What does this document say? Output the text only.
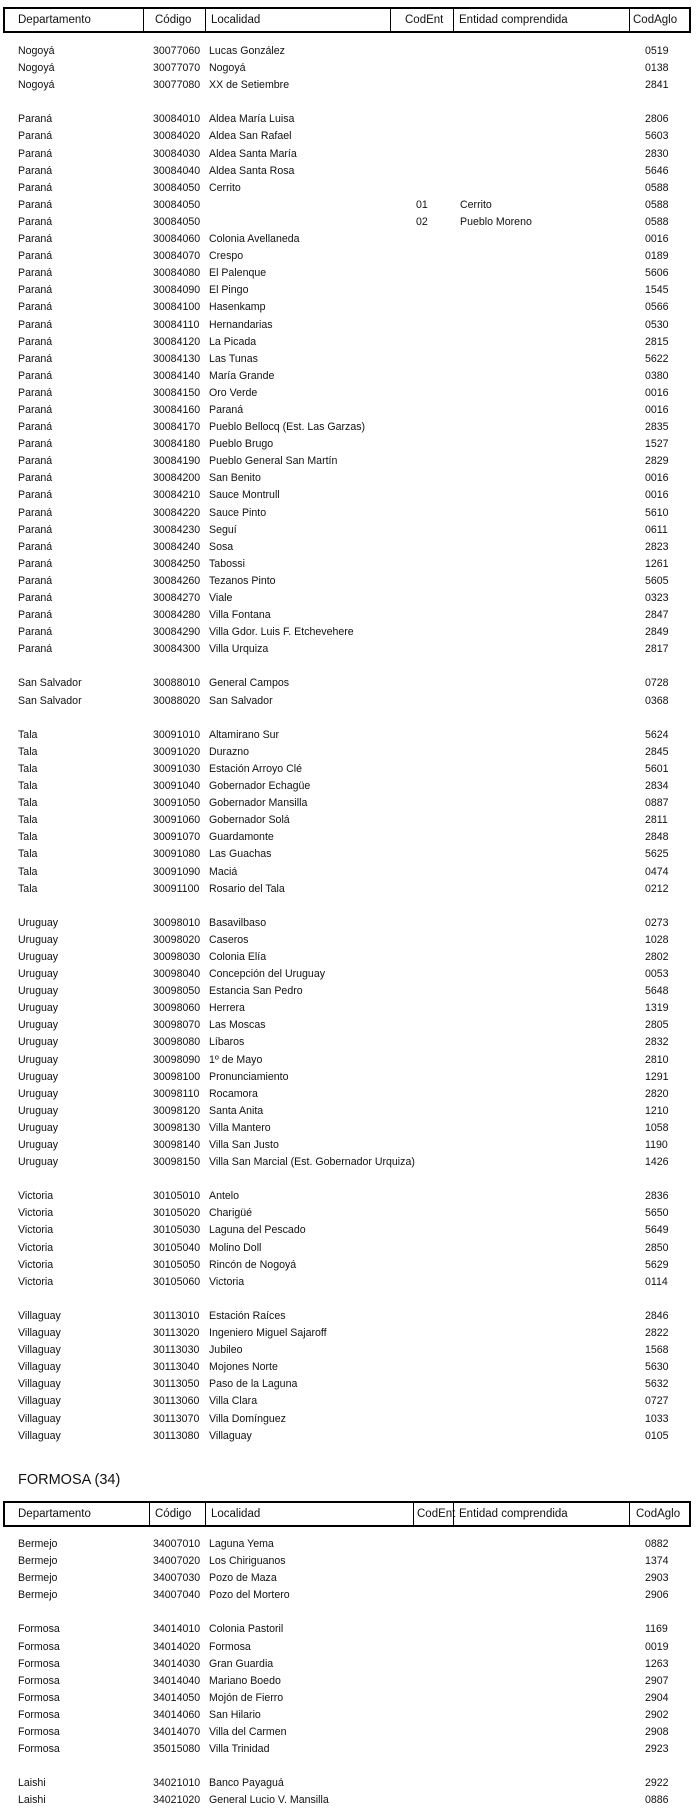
Departamento	Código Localidad	CodEnt Entidad comprendida	CodAglo
Nogoyá	30077060 Lucas González	0519
Nogoyá	30077070 Nogoyá	0138
Nogoyá	30077080 XX de Setiembre	2841
Paraná	30084010 Aldea María Luisa	2806
Paraná	30084020 Aldea San Rafael	5603
Paraná	30084030 Aldea Santa María	2830
Paraná	30084040 Aldea Santa Rosa	5646
Paraná	30084050 Cerrito	0588
Paraná	30084050	01	Cerrito	0588
Paraná	30084050	02	Pueblo Moreno	0588
Paraná	30084060 Colonia Avellaneda	0016
Paraná	30084070 Crespo	0189
Paraná	30084080 El Palenque	5606
Paraná	30084090 El Pingo	1545
Paraná	30084100 Hasenkamp	0566
Paraná	30084110 Hernandarias	0530
Paraná	30084120 La Picada	2815
Paraná	30084130 Las Tunas	5622
Paraná	30084140 María Grande	0380
Paraná	30084150 Oro Verde	0016
Paraná	30084160 Paraná	0016
Paraná	30084170 Pueblo Bellocq (Est. Las Garzas)	2835
Paraná	30084180 Pueblo Brugo	1527
Paraná	30084190 Pueblo General San Martín	2829
Paraná	30084200 San Benito	0016
Paraná	30084210 Sauce Montrull	0016
Paraná	30084220 Sauce Pinto	5610
Paraná	30084230 Seguí	0611
Paraná	30084240 Sosa	2823
Paraná	30084250 Tabossi	1261
Paraná	30084260 Tezanos Pinto	5605
Paraná	30084270 Viale	0323
Paraná	30084280 Villa Fontana	2847
Paraná	30084290 Villa Gdor. Luis F. Etchevehere	2849
Paraná	30084300 Villa Urquiza	2817
San Salvador	30088010 General Campos	0728
San Salvador	30088020 San Salvador	0368
Tala	30091010 Altamirano Sur	5624
Tala	30091020 Durazno	2845
Tala	30091030 Estación Arroyo Clé	5601
Tala	30091040 Gobernador Echagüe	2834
Tala	30091050 Gobernador Mansilla	0887
Tala	30091060 Gobernador Solá	2811
Tala	30091070 Guardamonte	2848
Tala	30091080 Las Guachas	5625
Tala	30091090 Maciá	0474
Tala	30091100 Rosario del Tala	0212
Uruguay	30098010 Basavilbaso	0273
Uruguay	30098020 Caseros	1028
Uruguay	30098030 Colonia Elía	2802
Uruguay	30098040 Concepción del Uruguay	0053
Uruguay	30098050 Estancia San Pedro	5648
Uruguay	30098060 Herrera	1319
Uruguay	30098070 Las Moscas	2805
Uruguay	30098080 Líbaros	2832
Uruguay	30098090 1º de Mayo	2810
Uruguay	30098100 Pronunciamiento	1291
Uruguay	30098110 Rocamora	2820
Uruguay	30098120 Santa Anita	1210
Uruguay	30098130 Villa Mantero	1058
Uruguay	30098140 Villa San Justo	1190
Uruguay	30098150 Villa San Marcial (Est. Gobernador Urquiza)	1426
Victoria	30105010 Antelo	2836
Victoria	30105020 Charigüé	5650
Victoria	30105030 Laguna del Pescado	5649
Victoria	30105040 Molino Doll	2850
Victoria	30105050 Rincón de Nogoyá	5629
Victoria	30105060 Victoria	0114
Villaguay	30113010 Estación Raíces	2846
Villaguay	30113020 Ingeniero Miguel Sajaroff	2822
Villaguay	30113030 Jubileo	1568
Villaguay	30113040 Mojones Norte	5630
Villaguay	30113050 Paso de la Laguna	5632
Villaguay	30113060 Villa Clara	0727
Villaguay	30113070 Villa Domínguez	1033
Villaguay	30113080 Villaguay	0105
FORMOSA (34)
Departamento	Código Localidad	CodEnt Entidad comprendida	CodAglo
Bermejo	34007010 Laguna Yema	0882
Bermejo	34007020 Los Chiriguanos	1374
Bermejo	34007030 Pozo de Maza	2903
Bermejo	34007040 Pozo del Mortero	2906
Formosa	34014010 Colonia Pastoril	1169
Formosa	34014020 Formosa	0019
Formosa	34014030 Gran Guardia	1263
Formosa	34014040 Mariano Boedo	2907
Formosa	34014050 Mojón de Fierro	2904
Formosa	34014060 San Hilario	2902
Formosa	34014070 Villa del Carmen	2908
Formosa	35015080 Villa Trinidad	2923
Laishi	34021010 Banco Payaguá	2922
Laishi	34021020 General Lucio V. Mansilla	0886
